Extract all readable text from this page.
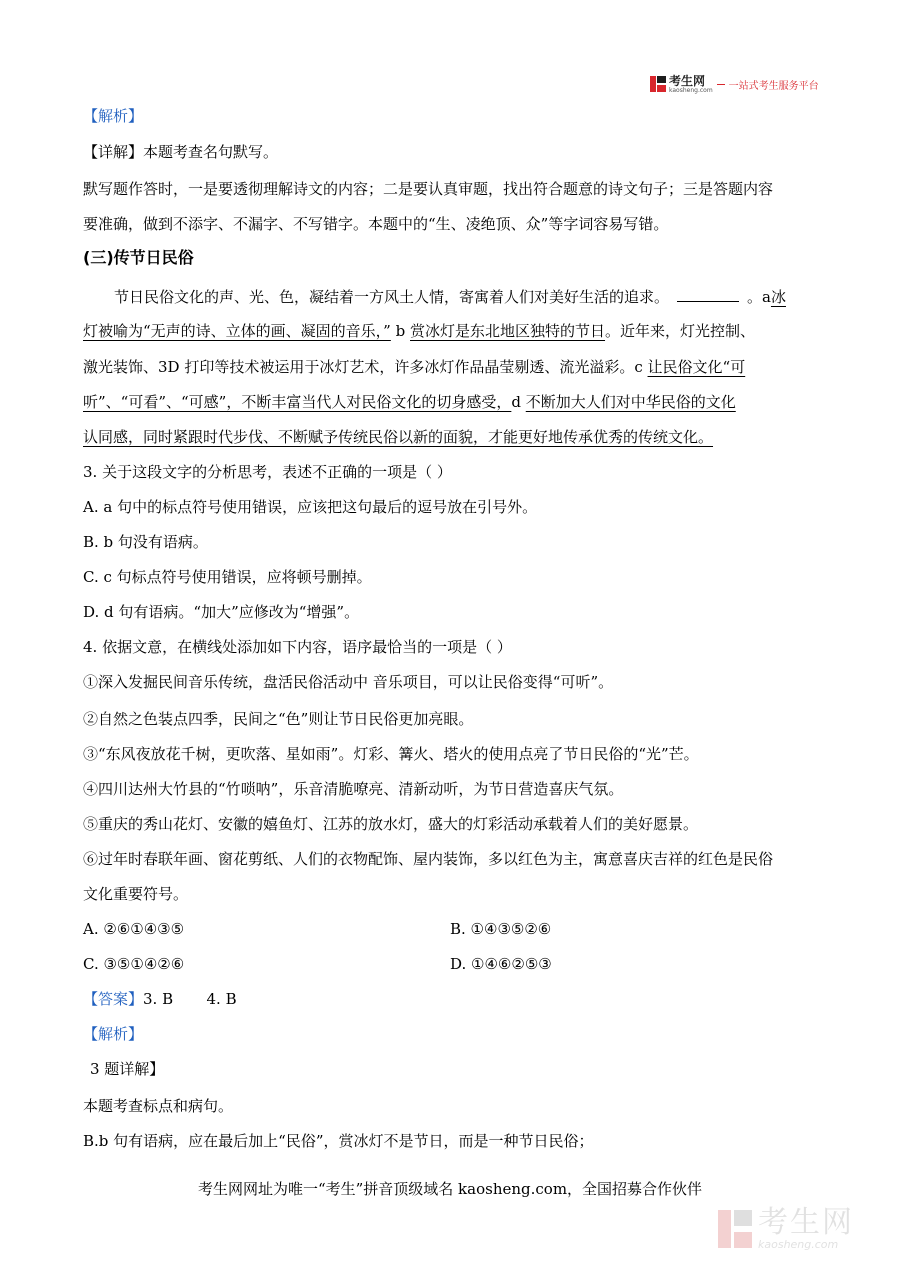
考生网
kaosheng.com 一站式考生服务平台
【解析】
【详解】本题考查名句默写。
默写题作答时，一是要透彻理解诗文的内容；二是要认真审题，找出符合题意的诗文句子；三是答题内容
要准确，做到不添字、不漏字、不写错字。本题中的“生、凌绝顶、众”等字词容易写错。
(三)传节日民俗
节日民俗文化的声、光、色，凝结着一方风土人情，寄寓着人们对美好生活的追求。	。a冰
灯被喻为“无声的诗、立体的画、凝固的音乐，” b 赏冰灯是东北地区独特的节日。近年来，灯光控制、
激光装饰、3D 打印等技术被运用于冰灯艺术，许多冰灯作品晶莹剔透、流光溢彩。c 让民俗文化“可
听”、“可看”、“可感”，不断丰富当代人对民俗文化的切身感受，d 不断加大人们对中华民俗的文化
认同感，同时紧跟时代步伐、不断赋予传统民俗以新的面貌，才能更好地传承优秀的传统文化。
3. 关于这段文字的分析思考，表述不正确的一项是（ ）
A. a 句中的标点符号使用错误，应该把这句最后的逗号放在引号外。
B. b 句没有语病。
C. c 句标点符号使用错误，应将顿号删掉。
D. d 句有语病。“加大”应修改为“增强”。
4. 依据文意，在横线处添加如下内容，语序最恰当的一项是（ ）
①深入发掘民间音乐传统，盘活民俗活动中 音乐项目，可以让民俗变得“可听”。
②自然之色装点四季，民间之“色”则让节日民俗更加亮眼。
③“东风夜放花千树，更吹落、星如雨”。灯彩、篝火、塔火的使用点亮了节日民俗的“光”芒。
④四川达州大竹县的“竹唢呐”，乐音清脆嘹亮、清新动听，为节日营造喜庆气氛。
⑤重庆的秀山花灯、安徽的嬉鱼灯、江苏的放水灯，盛大的灯彩活动承载着人们的美好愿景。
⑥过年时春联年画、窗花剪纸、人们的衣物配饰、屋内装饰，多以红色为主，寓意喜庆吉祥的红色是民俗
文化重要符号。
A. ②⑥①④③⑤	B. ①④③⑤②⑥
C. ③⑤①④②⑥	D. ①④⑥②⑤③
【答案】3. B       4. B
【解析】
3 题详解】
本题考查标点和病句。
B.b 句有语病，应在最后加上“民俗”，赏冰灯不是节日，而是一种节日民俗；
考生网网址为唯一“考生”拼音顶级域名 kaosheng.com，全国招募合作伙伴
考生网
kaosheng.com
